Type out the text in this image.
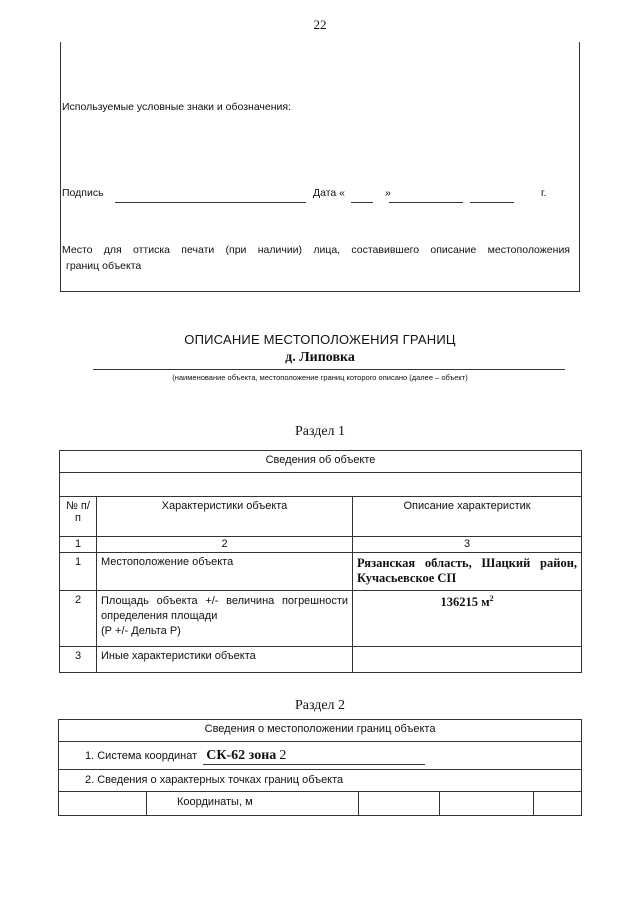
22
Используемые условные знаки и обозначения:
Подпись	Дата «	»	г.
Место для оттиска печати (при наличии) лица, составившего описание местоположения
границ объекта
ОПИСАНИЕ МЕСТОПОЛОЖЕНИЯ ГРАНИЦ
д. Липовка
(наименование объекта, местоположение границ которого описано (далее – объект)
Раздел 1
Сведения об объекте		

№ п/п	Характеристики объекта	Описание характеристик
1	2	3
1	Местоположение объекта	Рязанская область, Шацкий район,
Кучасьевское СП

2	Площадь объекта +/- величина погрешности
определения площади
(Р +/- Дельта Р)	136215 $м^2$
3	Иные характеристики объекта	
Раздел 2
Сведения о местоположении границ объекта
1. Система координат СК-62 зона 2
2. Сведения о характерных точках границ объекта
	Координаты, м			
